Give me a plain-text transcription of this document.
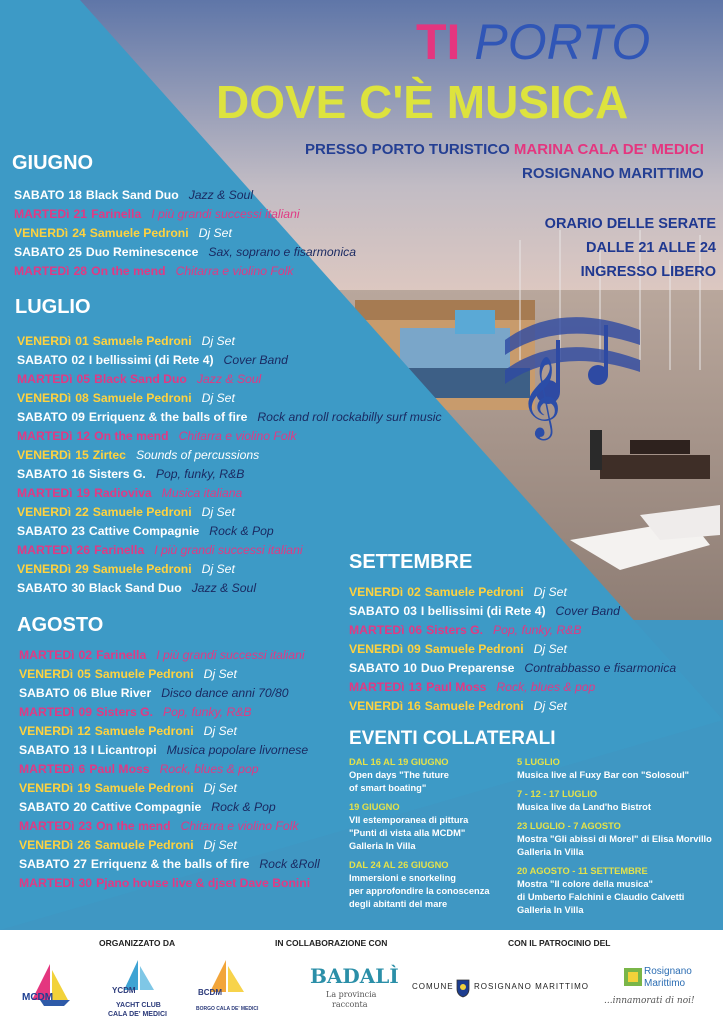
𝄞
TI PORTO
DOVE C'È MUSICA
PRESSO PORTO TURISTICO MARINA CALA DE' MEDICI
ROSIGNANO MARITTIMO
ORARIO DELLE SERATE
DALLE 21 ALLE 24
INGRESSO LIBERO
GIUGNO
SABATO 18 Black Sand Duo Jazz & Soul
MARTEDì 21 Farinella I più grandi successi italiani
VENERDì 24 Samuele Pedroni Dj Set
SABATO 25 Duo Reminescence Sax, soprano e fisarmonica
MARTEDì 28 On the mend Chitarra e violino Folk
LUGLIO
VENERDì 01 Samuele Pedroni Dj Set
SABATO 02 I bellissimi (di Rete 4) Cover Band
MARTEDì 05 Black Sand Duo Jazz & Soul
VENERDì 08 Samuele Pedroni Dj Set
SABATO 09 Erriquenz & the balls of fire Rock and roll rockabilly surf music
MARTEDì 12 On the mend Chitarra e violino Folk
VENERDì 15 Zirtec Sounds of percussions
SABATO 16 Sisters G. Pop, funky, R&B
MARTEDì 19 Radioviva Musica italiana
VENERDì 22 Samuele Pedroni Dj Set
SABATO 23 Cattive Compagnie Rock & Pop
MARTEDì 26 Farinella I più grandi successi italiani
VENERDì 29 Samuele Pedroni Dj Set
SABATO 30 Black Sand Duo Jazz & Soul
AGOSTO
MARTEDì 02 Farinella I più grandi successi italiani
VENERDì 05 Samuele Pedroni Dj Set
SABATO 06 Blue River Disco dance anni 70/80
MARTEDì 09 Sisters G. Pop, funky, R&B
VENERDì 12 Samuele Pedroni Dj Set
SABATO 13 I Licantropi Musica popolare livornese
MARTEDì 6 Paul Moss Rock, blues & pop
VENERDì 19 Samuele Pedroni Dj Set
SABATO 20 Cattive Compagnie Rock & Pop
MARTEDì 23 On the mend Chitarra e violino Folk
VENERDì 26 Samuele Pedroni Dj Set
SABATO 27 Erriquenz & the balls of fire Rock &Roll
MARTEDì 30 Pjano house live & djset Dave Bonini
SETTEMBRE
VENERDì 02 Samuele Pedroni Dj Set
SABATO 03 I bellissimi (di Rete 4) Cover Band
MARTEDì 06 Sisters G. Pop, funky, R&B
VENERDì 09 Samuele Pedroni Dj Set
SABATO 10 Duo Preparense Contrabbasso e fisarmonica
MARTEDì 13 Paul Moss Rock, blues & pop
VENERDì 16 Samuele Pedroni Dj Set
EVENTI COLLATERALI
DAL 16 AL 19 GIUGNO
Open days "The future
of smart boating"
19 GIUGNO
VII estemporanea di pittura
"Punti di vista alla MCDM"
Galleria In Villa
DAL 24 AL 26 GIUGNO
Immersioni e snorkeling
per approfondire la conoscenza
degli abitanti del mare
5 LUGLIO
Musica live al Fuxy Bar con "Solosoul"
7 - 12 - 17 LUGLIO
Musica live da Land'ho Bistrot
23 LUGLIO - 7 AGOSTO
Mostra "Gli abissi di Morel" di Elisa Morvillo
Galleria In Villa
20 AGOSTO - 11 SETTEMBRE
Mostra "Il colore della musica"
di Umberto Falchini e Claudio Calvetti
Galleria In Villa
ORGANIZZATO DA	IN COLLABORAZIONE CON	CON IL PATROCINIO DEL
MCDM
YCDM
YACHT CLUB
CALA DE' MEDICI
BCDM
BORGO CALA DE' MEDICI
BADALÌ
La provincia
racconta
COMUNE	ROSIGNANO MARITTIMO
Rosignano
Marittimo
...innamorati di noi!
